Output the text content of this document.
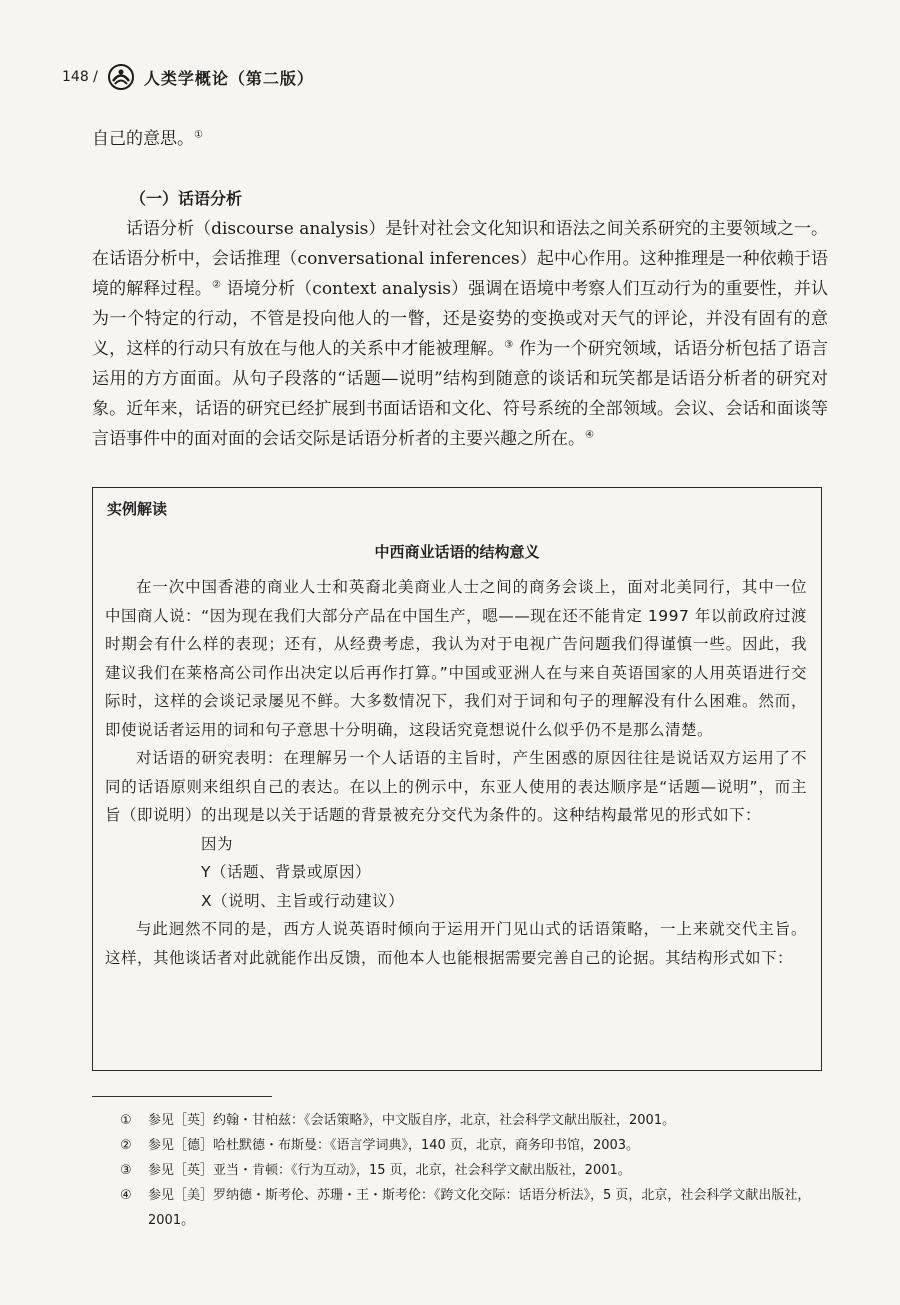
148 /	人类学概论（第二版）
自己的意思。①
（一）话语分析
话语分析（discourse analysis）是针对社会文化知识和语法之间关系研究的主要领域之一。在话语分析中，会话推理（conversational inferences）起中心作用。这种推理是一种依赖于语境的解释过程。② 语境分析（context analysis）强调在语境中考察人们互动行为的重要性，并认为一个特定的行动，不管是投向他人的一瞥，还是姿势的变换或对天气的评论，并没有固有的意义，这样的行动只有放在与他人的关系中才能被理解。③ 作为一个研究领域，话语分析包括了语言运用的方方面面。从句子段落的“话题—说明”结构到随意的谈话和玩笑都是话语分析者的研究对象。近年来，话语的研究已经扩展到书面话语和文化、符号系统的全部领域。会议、会话和面谈等言语事件中的面对面的会话交际是话语分析者的主要兴趣之所在。④
实例解读
中西商业话语的结构意义
在一次中国香港的商业人士和英裔北美商业人士之间的商务会谈上，面对北美同行，其中一位中国商人说：“因为现在我们大部分产品在中国生产，嗯——现在还不能肯定 1997 年以前政府过渡时期会有什么样的表现；还有，从经费考虑，我认为对于电视广告问题我们得谨慎一些。因此，我建议我们在莱格高公司作出决定以后再作打算。”中国或亚洲人在与来自英语国家的人用英语进行交际时，这样的会谈记录屡见不鲜。大多数情况下，我们对于词和句子的理解没有什么困难。然而，即使说话者运用的词和句子意思十分明确，这段话究竟想说什么似乎仍不是那么清楚。
对话语的研究表明：在理解另一个人话语的主旨时，产生困惑的原因往往是说话双方运用了不同的话语原则来组织自己的表达。在以上的例示中，东亚人使用的表达顺序是“话题—说明”，而主旨（即说明）的出现是以关于话题的背景被充分交代为条件的。这种结构最常见的形式如下：
因为
Y（话题、背景或原因）
X（说明、主旨或行动建议）
与此迥然不同的是，西方人说英语时倾向于运用开门见山式的话语策略，一上来就交代主旨。这样，其他谈话者对此就能作出反馈，而他本人也能根据需要完善自己的论据。其结构形式如下：
①	参见［英］约翰・甘柏兹：《会话策略》，中文版自序，北京，社会科学文献出版社，2001。
②	参见［德］哈杜默德・布斯曼：《语言学词典》，140 页，北京，商务印书馆，2003。
③	参见［英］亚当・肯顿：《行为互动》，15 页，北京，社会科学文献出版社，2001。
④	参见［美］罗纳德・斯考伦、苏珊・王・斯考伦：《跨文化交际：话语分析法》，5 页，北京，社会科学文献出版社，2001。
